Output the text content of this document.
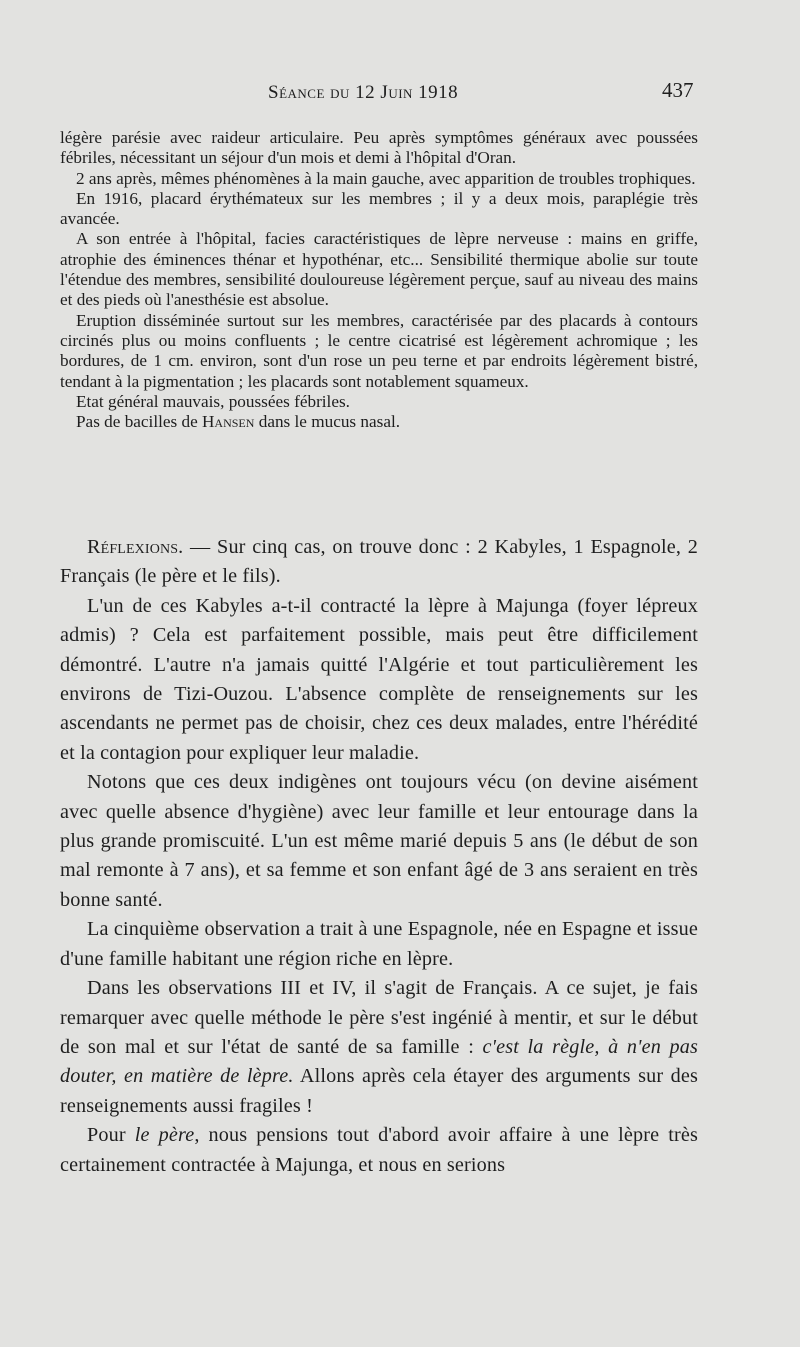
Séance du 12 Juin 1918	437

légère parésie avec raideur articulaire. Peu après symptômes généraux avec poussées fébriles, nécessitant un séjour d'un mois et demi à l'hôpital d'Oran.

2 ans après, mêmes phénomènes à la main gauche, avec apparition de troubles trophiques.

En 1916, placard érythémateux sur les membres ; il y a deux mois, paraplégie très avancée.

A son entrée à l'hôpital, facies caractéristiques de lèpre nerveuse : mains en griffe, atrophie des éminences thénar et hypothénar, etc... Sensibilité thermique abolie sur toute l'étendue des membres, sensibilité douloureuse légèrement perçue, sauf au niveau des mains et des pieds où l'anesthésie est absolue.

Eruption disséminée surtout sur les membres, caractérisée par des placards à contours circinés plus ou moins confluents ; le centre cicatrisé est légèrement achromique ; les bordures, de 1 cm. environ, sont d'un rose un peu terne et par endroits légèrement bistré, tendant à la pigmentation ; les placards sont notablement squameux.

Etat général mauvais, poussées fébriles.

Pas de bacilles de Hansen dans le mucus nasal.

Réflexions. — Sur cinq cas, on trouve donc : 2 Kabyles, 1 Espagnole, 2 Français (le père et le fils).

L'un de ces Kabyles a-t-il contracté la lèpre à Majunga (foyer lépreux admis) ? Cela est parfaitement possible, mais peut être difficilement démontré. L'autre n'a jamais quitté l'Algérie et tout particulièrement les environs de Tizi-Ouzou. L'absence complète de renseignements sur les ascendants ne permet pas de choisir, chez ces deux malades, entre l'hérédité et la contagion pour expliquer leur maladie.

Notons que ces deux indigènes ont toujours vécu (on devine aisément avec quelle absence d'hygiène) avec leur famille et leur entourage dans la plus grande promiscuité. L'un est même marié depuis 5 ans (le début de son mal remonte à 7 ans), et sa femme et son enfant âgé de 3 ans seraient en très bonne santé.

La cinquième observation a trait à une Espagnole, née en Espagne et issue d'une famille habitant une région riche en lèpre.

Dans les observations III et IV, il s'agit de Français. A ce sujet, je fais remarquer avec quelle méthode le père s'est ingénié à mentir, et sur le début de son mal et sur l'état de santé de sa famille : c'est la règle, à n'en pas douter, en matière de lèpre. Allons après cela étayer des arguments sur des renseignements aussi fragiles !

Pour le père, nous pensions tout d'abord avoir affaire à une lèpre très certainement contractée à Majunga, et nous en serions
